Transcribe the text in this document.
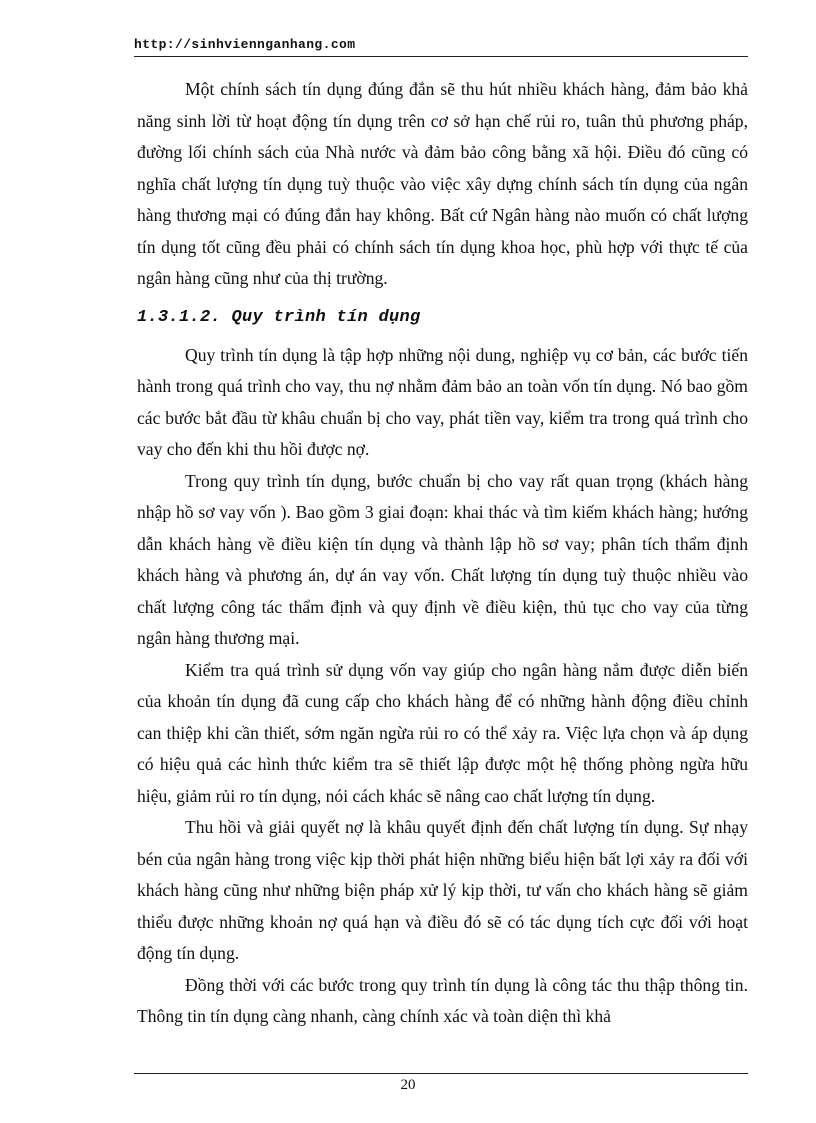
http://sinhviennganhang.com

Một chính sách tín dụng đúng đắn sẽ thu hút nhiều khách hàng, đảm bảo khả năng sinh lời từ hoạt động tín dụng trên cơ sở hạn chế rủi ro, tuân thủ phương pháp, đường lối chính sách của Nhà nước và đảm bảo công bằng xã hội. Điều đó cũng có nghĩa chất lượng tín dụng tuỳ thuộc vào việc xây dựng chính sách tín dụng của ngân hàng thương mại có đúng đắn hay không. Bất cứ Ngân hàng nào muốn có chất lượng tín dụng tốt cũng đều phải có chính sách tín dụng khoa học, phù hợp với thực tế của ngân hàng cũng như của thị trường.

1.3.1.2. Quy trình tín dụng

Quy trình tín dụng là tập hợp những nội dung, nghiệp vụ cơ bản, các bước tiến hành trong quá trình cho vay, thu nợ nhằm đảm bảo an toàn vốn tín dụng. Nó bao gồm các bước bắt đầu từ khâu chuẩn bị cho vay, phát tiền vay, kiểm tra trong quá trình cho vay cho đến khi thu hồi được nợ.

Trong quy trình tín dụng, bước chuẩn bị cho vay rất quan trọng (khách hàng nhập hồ sơ vay vốn ). Bao gồm 3 giai đoạn: khai thác và tìm kiếm khách hàng; hướng dẫn khách hàng về điều kiện tín dụng và thành lập hồ sơ vay; phân tích thẩm định khách hàng và phương án, dự án vay vốn. Chất lượng tín dụng tuỳ thuộc nhiều vào chất lượng công tác thẩm định và quy định về điều kiện, thủ tục cho vay của từng ngân hàng thương mại.

Kiểm tra quá trình sử dụng vốn vay giúp cho ngân hàng nắm được diễn biến của khoản tín dụng đã cung cấp cho khách hàng để có những hành động điều chỉnh can thiệp khi cần thiết, sớm ngăn ngừa rủi ro có thể xảy ra. Việc lựa chọn và áp dụng có hiệu quả các hình thức kiểm tra sẽ thiết lập được một hệ thống phòng ngừa hữu hiệu, giảm rủi ro tín dụng, nói cách khác sẽ nâng cao chất lượng tín dụng.

Thu hồi và giải quyết nợ là khâu quyết định đến chất lượng tín dụng. Sự nhạy bén của ngân hàng trong việc kịp thời phát hiện những biểu hiện bất lợi xảy ra đối với khách hàng cũng như những biện pháp xử lý kịp thời, tư vấn cho khách hàng sẽ giảm thiểu được những khoản nợ quá hạn và điều đó sẽ có tác dụng tích cực đối với hoạt động tín dụng.

Đồng thời với các bước trong quy trình tín dụng là công tác thu thập thông tin. Thông tin tín dụng càng nhanh, càng chính xác và toàn diện thì khả

20
